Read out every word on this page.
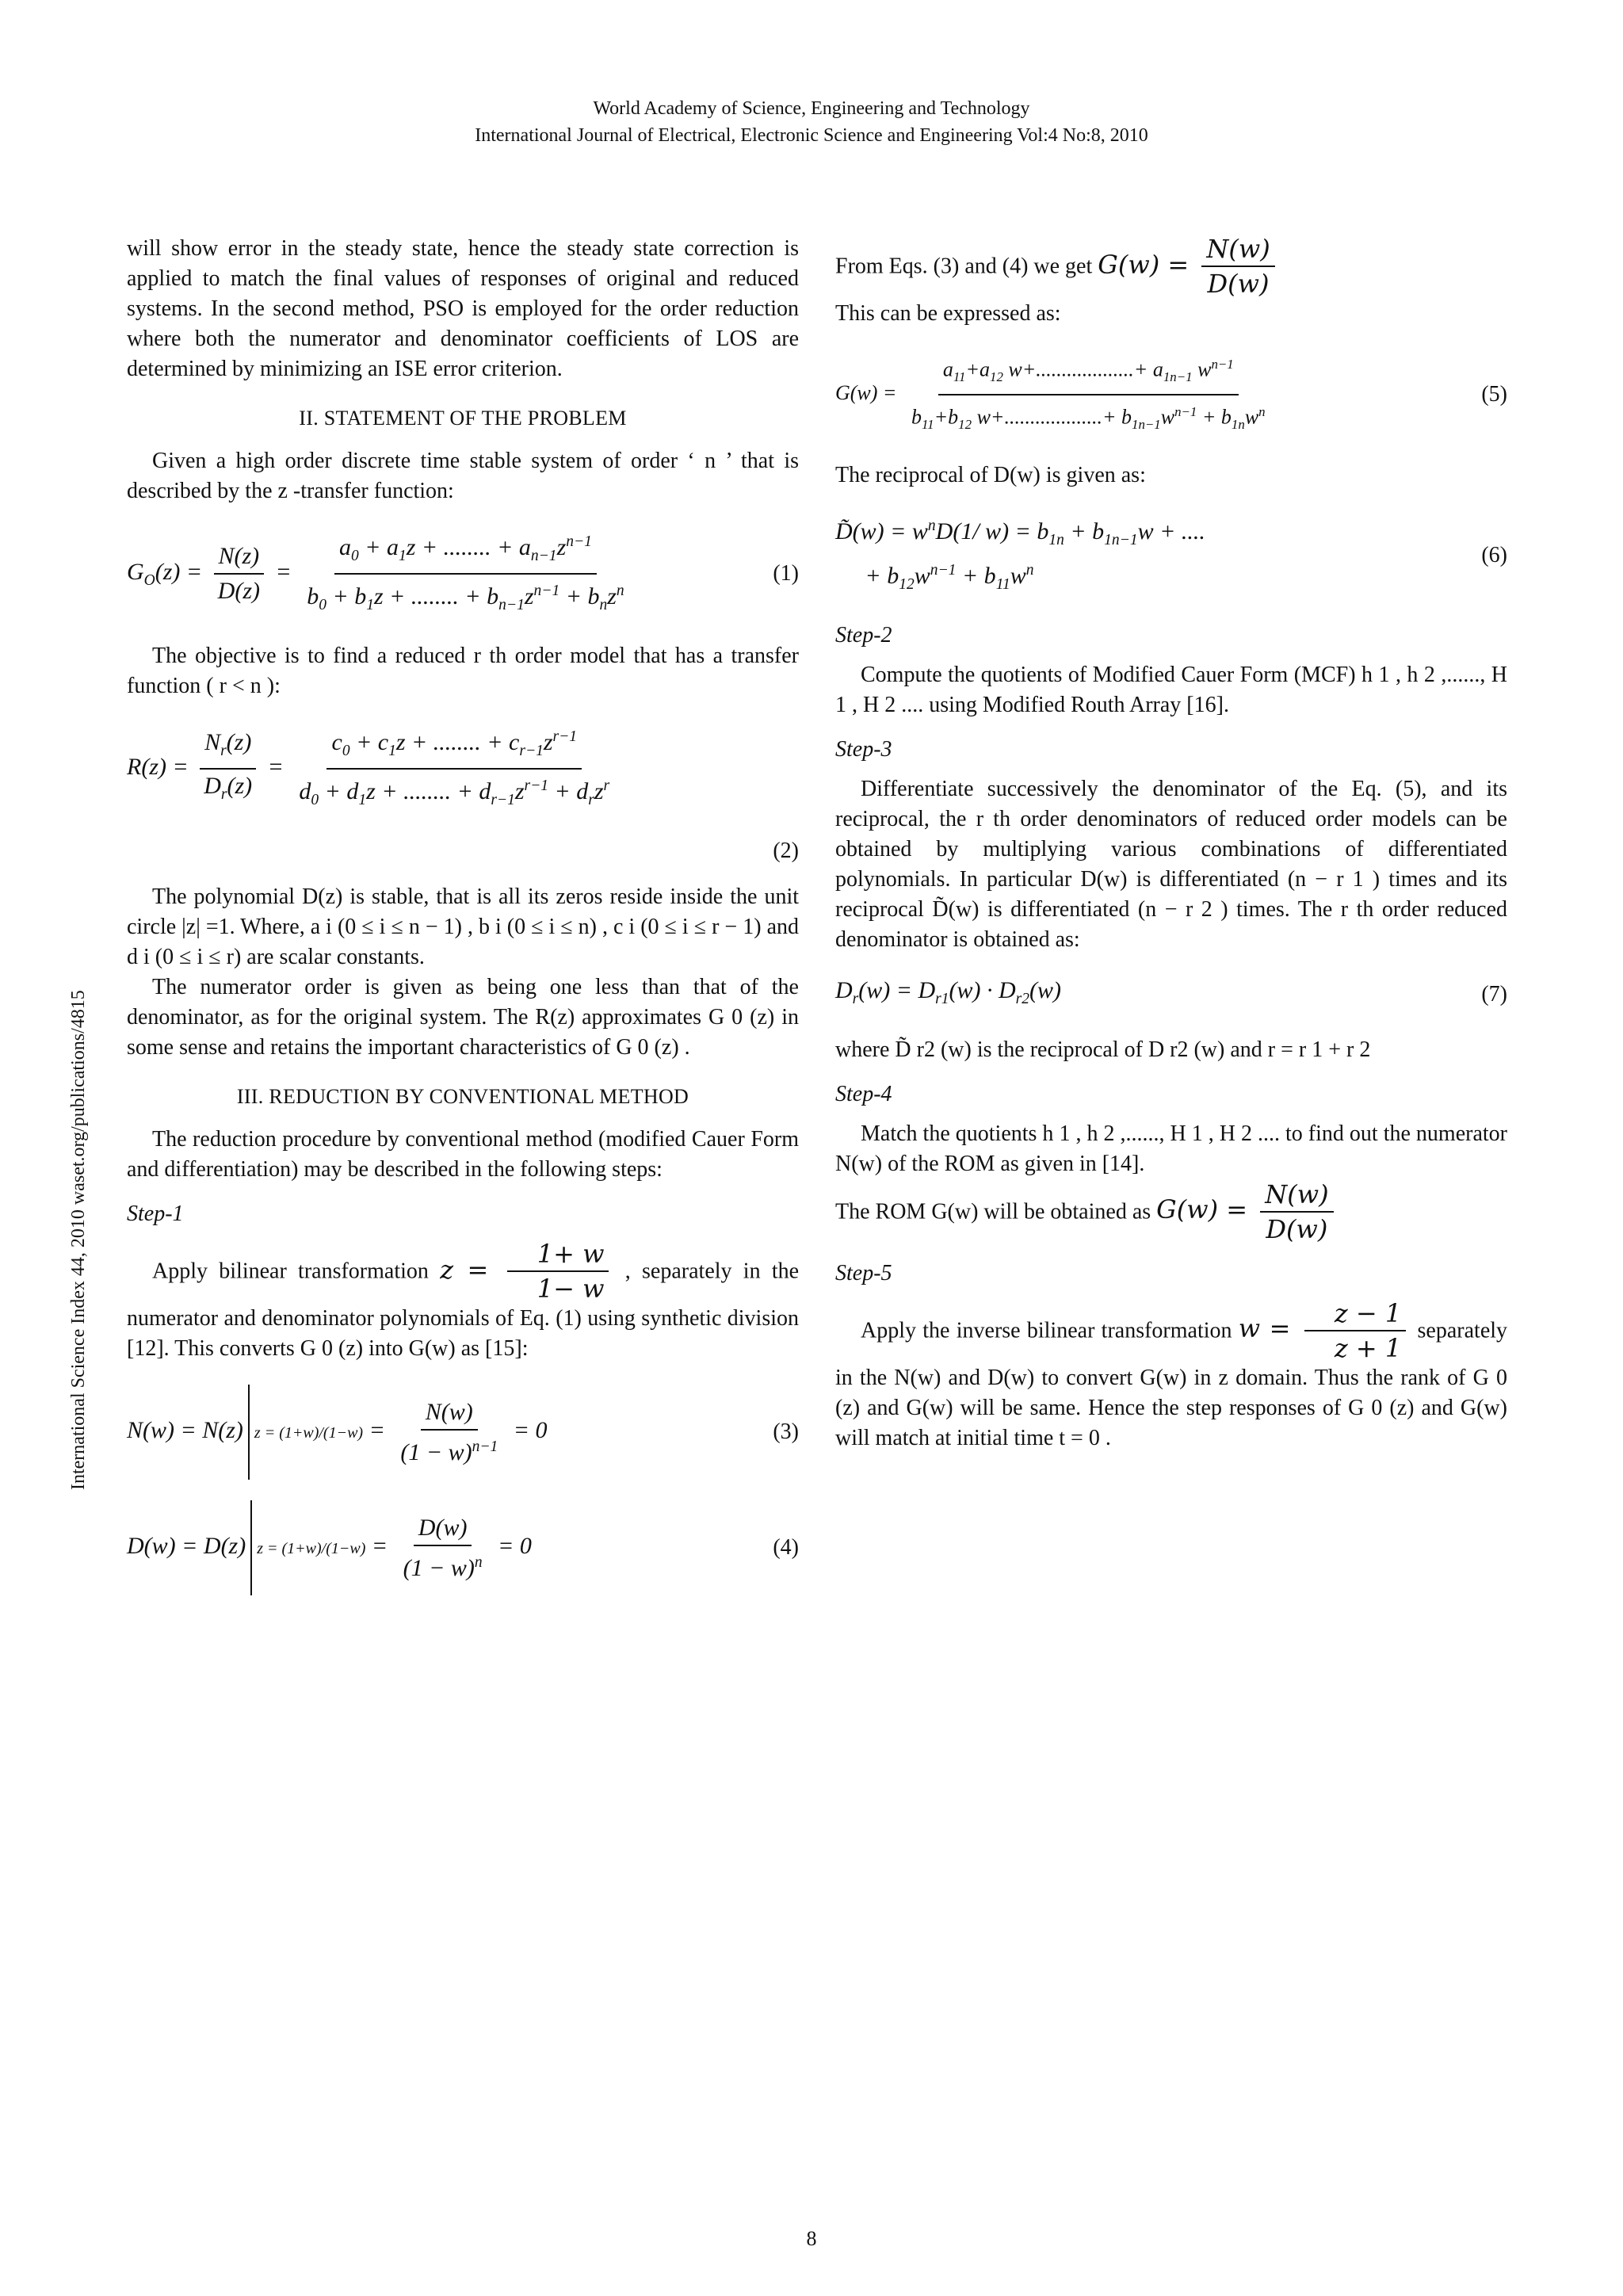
World Academy of Science, Engineering and Technology
International Journal of Electrical, Electronic Science and Engineering Vol:4 No:8, 2010
International Science Index 44, 2010 waset.org/publications/4815

will show error in the steady state, hence the steady state correction is applied to match the final values of responses of original and reduced systems. In the second method, PSO is employed for the order reduction where both the numerator and denominator coefficients of LOS are determined by minimizing an ISE error criterion.

II. STATEMENT OF THE PROBLEM

Given a high order discrete time stable system of order ‘ n ’ that is described by the z -transfer function:

$G_O(z) = \frac{N(z)}{D(z)} = \frac{a_0 + a_1z + ........ + a_{n-1}z^{n-1}}{b_0 + b_1z + ........ + b_{n-1}z^{n-1} + b_nz^n}$	(1)

The objective is to find a reduced r th order model that has a transfer function ( r < n ):

$R(z) = \frac{N_r(z)}{D_r(z)} = \frac{c_0 + c_1z + ........ + c_{r-1}z^{r-1}}{d_0 + d_1z + ........ + d_{r-1}z^{r-1} + d_rz^r}$
(2)

The polynomial D(z) is stable, that is all its zeros reside inside the unit circle |z| =1. Where, a i (0 ≤ i ≤ n − 1) , b i (0 ≤ i ≤ n) , c i (0 ≤ i ≤ r − 1) and d i (0 ≤ i ≤ r) are scalar constants.

The numerator order is given as being one less than that of the denominator, as for the original system. The R(z) approximates G 0 (z) in some sense and retains the important characteristics of G 0 (z) .

III. REDUCTION BY CONVENTIONAL METHOD

The reduction procedure by conventional method (modified Cauer Form and differentiation) may be described in the following steps:

Step-1

Apply bilinear transformation $z = \frac{1+ w}{1- w}$ , separately in the numerator and denominator polynomials of Eq. (1) using synthetic division [12]. This converts G 0 (z) into G(w) as [15]:

N(w) = N(z) $z = (1+w)/(1-w) = \frac{N(w)}{(1 - w)^{n-1}} = 0$	(3)
D(w) = D(z) $z = (1+w)/(1-w) = \frac{D(w)}{(1 - w)^n} = 0$	(4)

From Eqs. (3) and (4) we get $G(w) = \frac{N(w)}{D(w)}$

This can be expressed as:

$G(w) = \frac{a_{11}+a_{12} w+...................+ a_{1n-1} w^{n-1}}{b_{11}+b_{12} w+...................+ b_{1n-1}w^{n-1} + b_{1n}w^n}$	(5)

The reciprocal of D(w) is given as:

D̃(w) = $w^nD(1/$ $w) = b_{1n} + b_{1n-1}w$ + ....
+ $b_{12}w^{n-1} + b_{11}w^n$
(6)
Step-2

Compute the quotients of Modified Cauer Form (MCF) h 1 , h 2 ,......, H 1 , H 2 .... using Modified Routh Array [16].

Step-3

Differentiate successively the denominator of the Eq. (5), and its reciprocal, the r th order denominators of reduced order models can be obtained by multiplying various combinations of differentiated polynomials. In particular D(w) is differentiated (n − r 1 ) times and its reciprocal D̃(w) is differentiated (n − r 2 ) times. The r th order reduced denominator is obtained as:

$D_r(w) = D_{r1}(w) \cdot D_{r2}(w)$	(7)

where D̃ r2 (w) is the reciprocal of D r2 (w) and r = r 1 + r 2

Step-4

Match the quotients h 1 , h 2 ,......, H 1 , H 2 .... to find out the numerator N(w) of the ROM as given in [14].

The ROM G(w) will be obtained as $G(w) = \frac{N(w)}{D(w)}$

Step-5

Apply the inverse bilinear transformation $w = \frac{z - 1}{z + 1}$ separately in the N(w) and D(w) to convert G(w) in z domain. Thus the rank of G 0 (z) and G(w) will be same. Hence the step responses of G 0 (z) and G(w) will match at initial time t = 0 .

8
